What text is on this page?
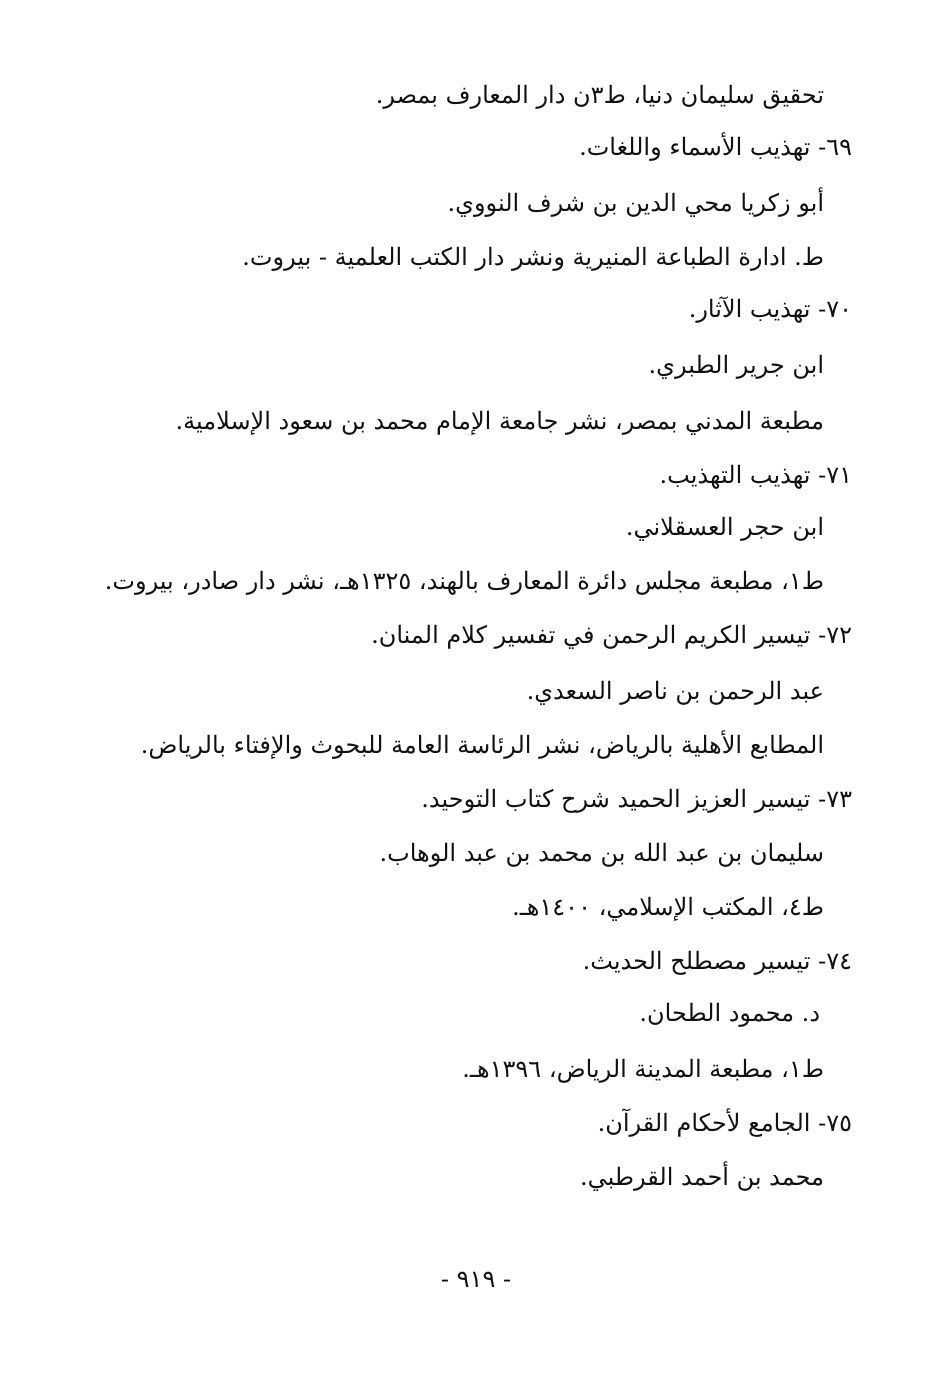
تحقيق سليمان دنيا، ط٣ن دار المعارف بمصر.
٦٩- تهذيب الأسماء واللغات.
أبو زكريا محي الدين بن شرف النووي.
ط. ادارة الطباعة المنيرية ونشر دار الكتب العلمية - بيروت.
٧٠- تهذيب الآثار.
ابن جرير الطبري.
مطبعة المدني بمصر، نشر جامعة الإمام محمد بن سعود الإسلامية.
٧١- تهذيب التهذيب.
ابن حجر العسقلاني.
ط١، مطبعة مجلس دائرة المعارف بالهند، ١٣٢٥هـ، نشر دار صادر، بيروت.
٧٢- تيسير الكريم الرحمن في تفسير كلام المنان.
عبد الرحمن بن ناصر السعدي.
المطابع الأهلية بالرياض، نشر الرئاسة العامة للبحوث والإفتاء بالرياض.
٧٣- تيسير العزيز الحميد شرح كتاب التوحيد.
سليمان بن عبد الله بن محمد بن عبد الوهاب.
ط٤، المكتب الإسلامي، ١٤٠٠هـ.
٧٤- تيسير مصطلح الحديث.
د. محمود الطحان.
ط١، مطبعة المدينة الرياض، ١٣٩٦هـ.
٧٥- الجامع لأحكام القرآن.
محمد بن أحمد القرطبي.
- ٩١٩ -
